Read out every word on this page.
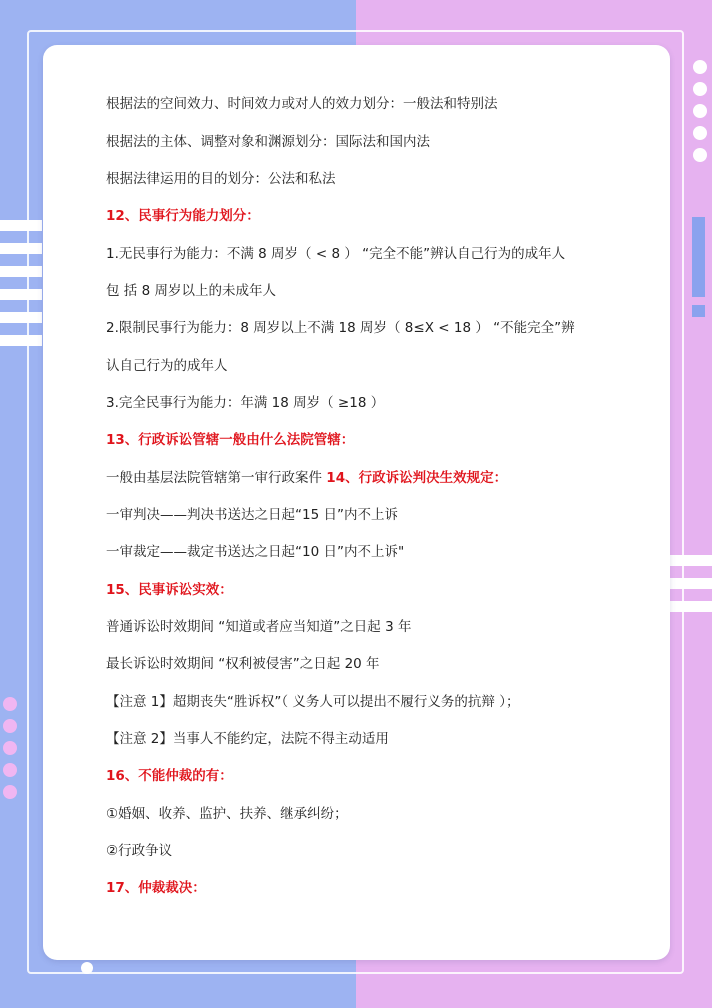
根据法的空间效力、时间效力或对人的效力划分：一般法和特别法
根据法的主体、调整对象和渊源划分：国际法和国内法
根据法律运用的目的划分：公法和私法
12、民事行为能力划分：
1.无民事行为能力：不满 8 周岁（ < 8 ） “完全不能”辨认自己行为的成年人
包 括 8 周岁以上的未成年人
2.限制民事行为能力：8 周岁以上不满 18 周岁（ 8≤X < 18 ） “不能完全”辨
认自己行为的成年人
3.完全民事行为能力：年满 18 周岁（ ≥18 ）
13、行政诉讼管辖一般由什么法院管辖：
一般由基层法院管辖第一审行政案件 14、行政诉讼判决生效规定：
一审判决——判决书送达之日起“15 日”内不上诉
一审裁定——裁定书送达之日起“10 日”内不上诉"
15、民事诉讼实效：
普通诉讼时效期间 “知道或者应当知道”之日起 3 年
最长诉讼时效期间 “权利被侵害”之日起 20 年
【注意 1】超期丧失“胜诉权”（ 义务人可以提出不履行义务的抗辩 ）；
【注意 2】当事人不能约定，法院不得主动适用
16、不能仲裁的有：
①婚姻、收养、监护、扶养、继承纠纷；
②行政争议
17、仲裁裁决：
